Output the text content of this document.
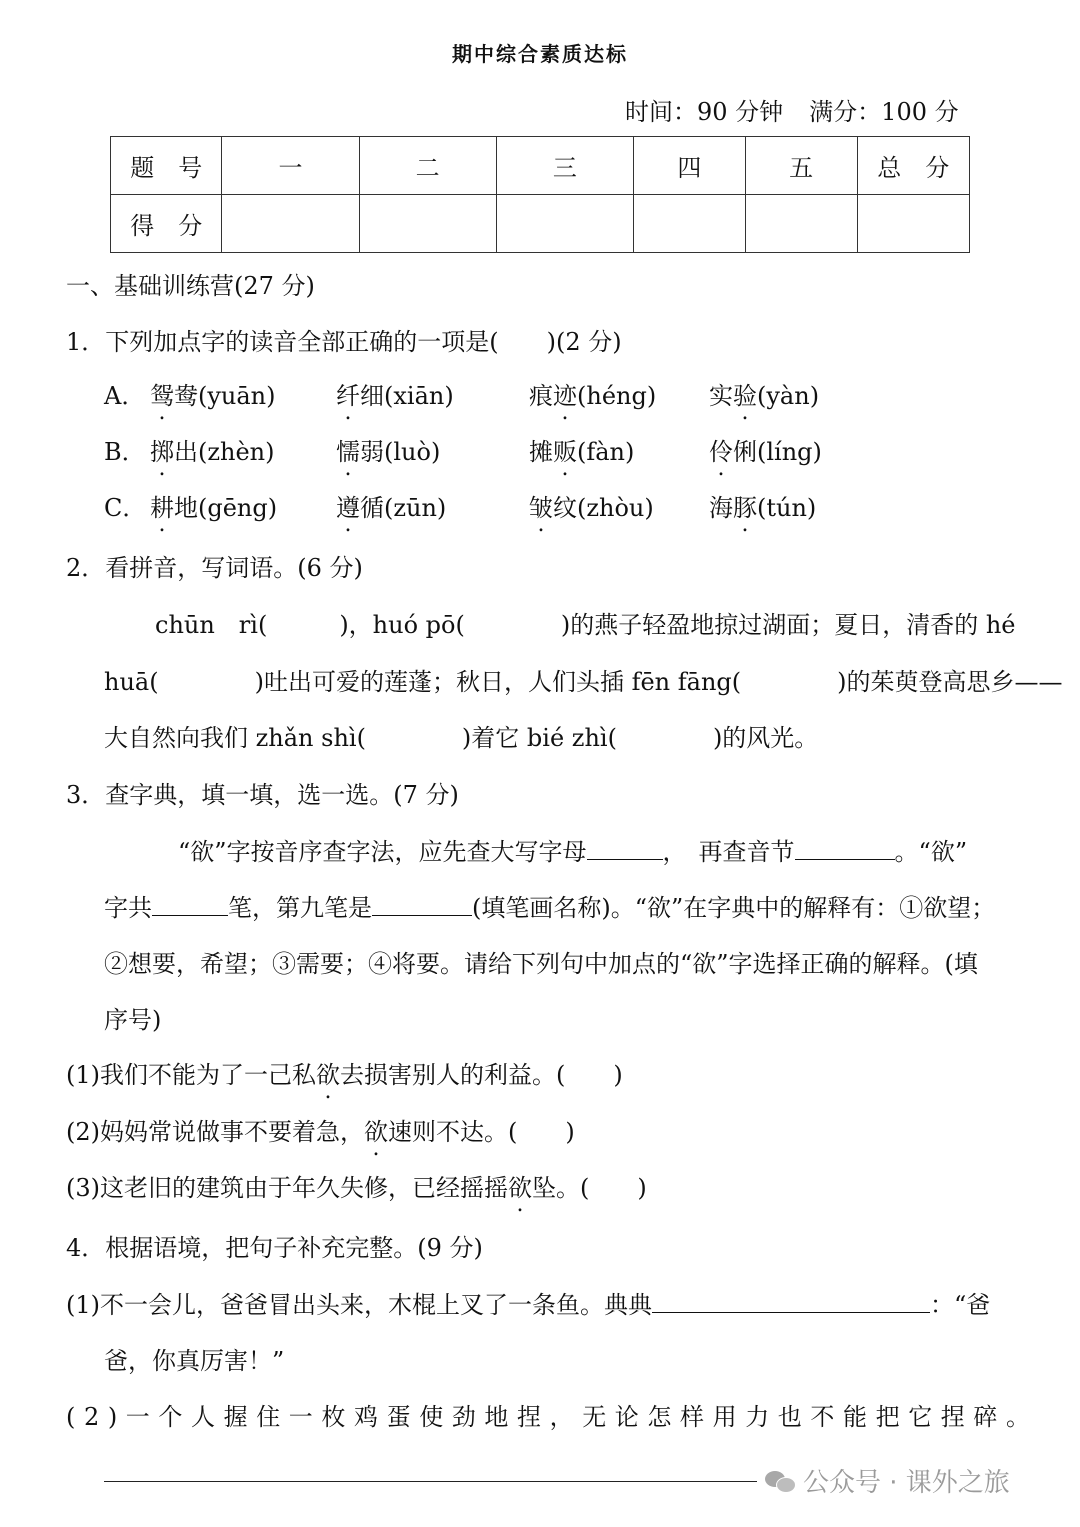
期中综合素质达标
时间：90 分钟 满分：100 分
题　号	一	二	三	四	五	总　分
得　分						
一、基础训练营(27 分)
1．下列加点字的读音全部正确的一项是(　　)(2 分)
A． 鸳鸯(yuān)	纤细(xiān)	痕迹(héng) 实验(yàn)
B． 掷出(zhèn)	懦弱(luò)	摊贩(fàn)	伶俐(líng)
C． 耕地(gēng) 遵循(zūn)	皱纹(zhòu) 海豚(tún)
2．看拼音，写词语。(6 分)
chūn　rì(　　　)，huó pō(　　　　)的燕子轻盈地掠过湖面；夏日，清香的 hé
huā(　　　　)吐出可爱的莲蓬；秋日，人们头插 fēn fāng(　　　　)的茱萸登高思乡——
大自然向我们 zhǎn shì(　　　　)着它 bié zhì(　　　　)的风光。
3．查字典，填一填，选一选。(7 分)
“欲”字按音序查字法，应先查大写字母	，　再查音节	。“欲”
字共	笔，第九笔是	(填笔画名称)。“欲”在字典中的解释有：①欲望；
②想要，希望；③需要；④将要。请给下列句中加点的“欲”字选择正确的解释。(填
序号)
(1)我们不能为了一己私欲去损害别人的利益。(　　)
(2)妈妈常说做事不要着急，欲速则不达。(　　)
(3)这老旧的建筑由于年久失修，已经摇摇欲坠。(　　)
4．根据语境，把句子补充完整。(9 分)
(1)不一会儿，爸爸冒出头来，木棍上叉了一条鱼。典典	：“爸
爸，你真厉害！”
(2)一个人握住一枚鸡蛋使劲地捏，无论怎样用力也不能把它捏碎。
公众号 · 课外之旅
